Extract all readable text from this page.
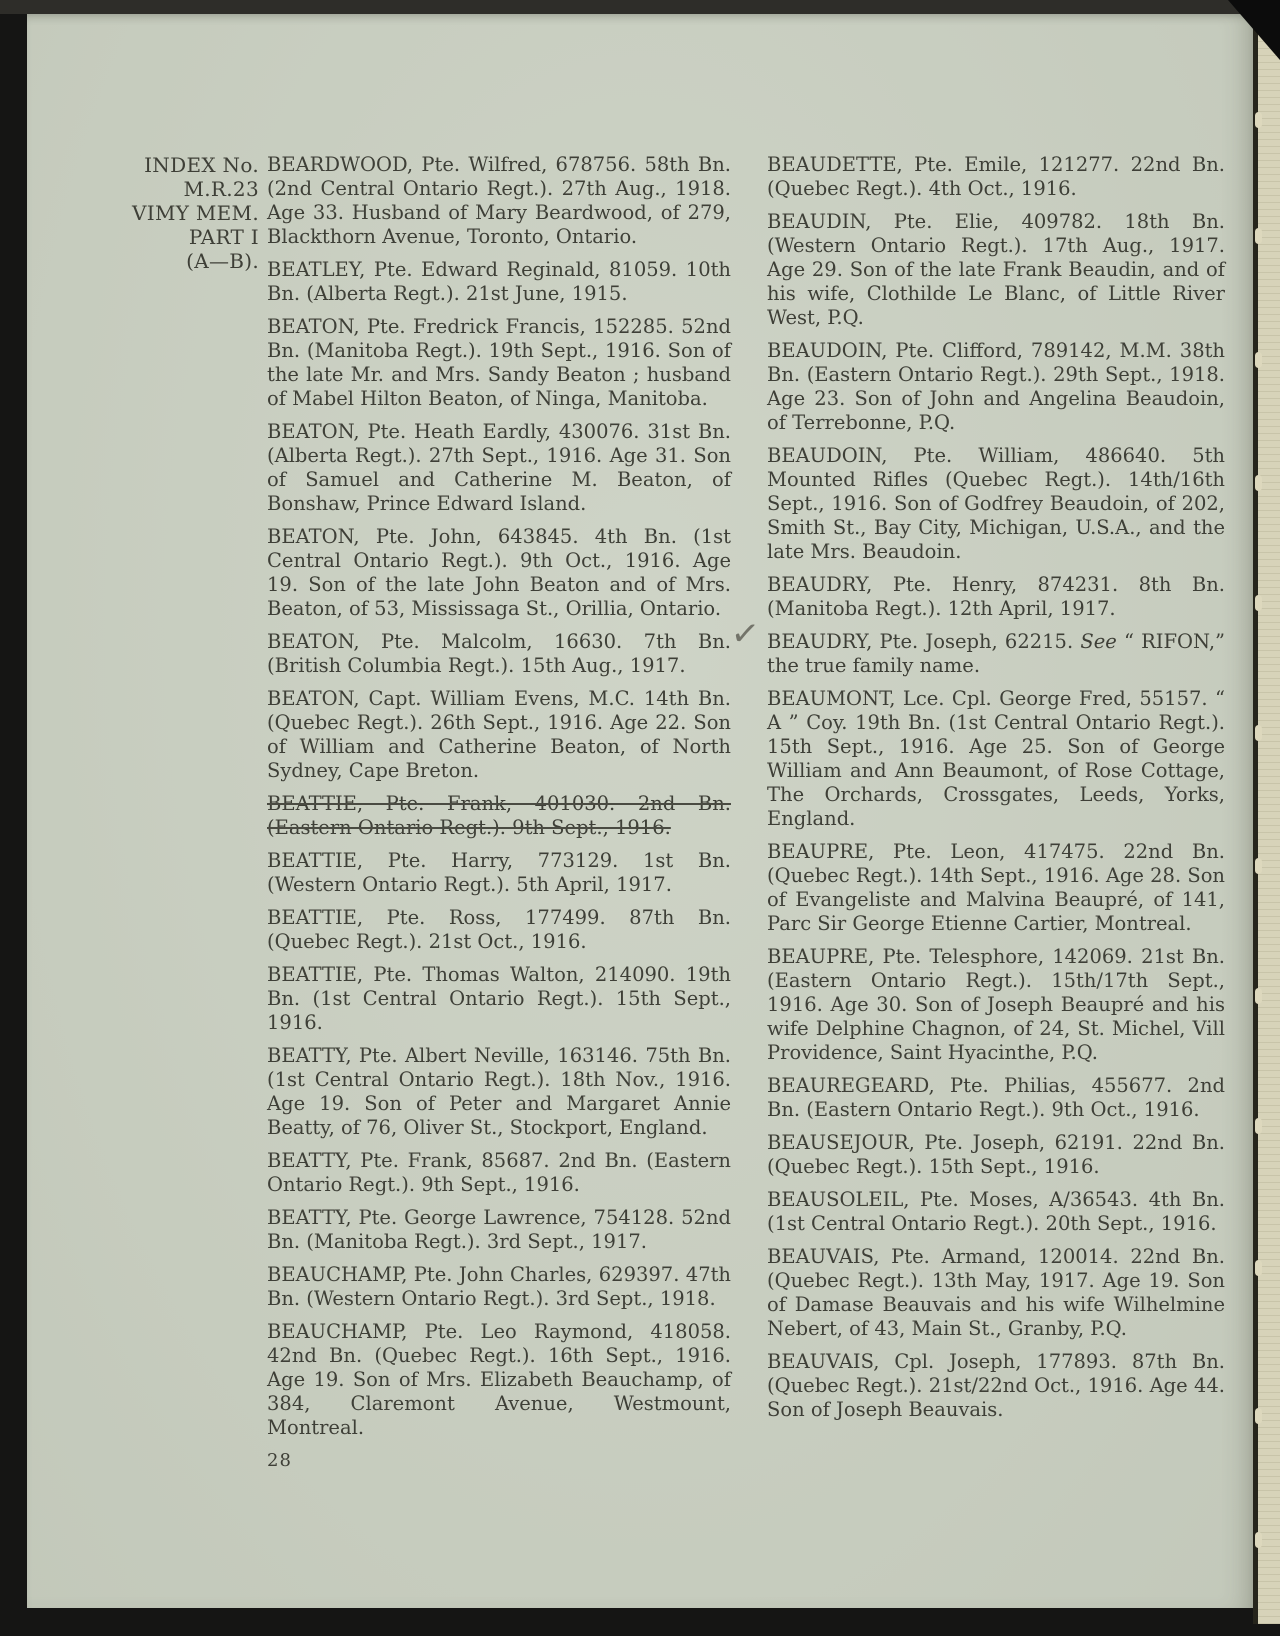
INDEX No. M.R.23
VIMY MEM.
PART I
(A—B).

BEARDWOOD, Pte. Wilfred, 678756. 58th Bn. (2nd Central Ontario Regt.). 27th Aug., 1918. Age 33. Husband of Mary Beardwood, of 279, Blackthorn Avenue, Toronto, Ontario.

BEATLEY, Pte. Edward Reginald, 81059. 10th Bn. (Alberta Regt.). 21st June, 1915.

BEATON, Pte. Fredrick Francis, 152285. 52nd Bn. (Manitoba Regt.). 19th Sept., 1916. Son of the late Mr. and Mrs. Sandy Beaton ; husband of Mabel Hilton Beaton, of Ninga, Manitoba.

BEATON, Pte. Heath Eardly, 430076. 31st Bn. (Alberta Regt.). 27th Sept., 1916. Age 31. Son of Samuel and Catherine M. Beaton, of Bonshaw, Prince Edward Island.

BEATON, Pte. John, 643845. 4th Bn. (1st Central Ontario Regt.). 9th Oct., 1916. Age 19. Son of the late John Beaton and of Mrs. Beaton, of 53, Mississaga St., Orillia, Ontario.

BEATON, Pte. Malcolm, 16630. 7th Bn. (British Columbia Regt.). 15th Aug., 1917.

BEATON, Capt. William Evens, M.C. 14th Bn. (Quebec Regt.). 26th Sept., 1916. Age 22. Son of William and Catherine Beaton, of North Sydney, Cape Breton.

BEATTIE, Pte. Frank, 401030. 2nd Bn. (Eastern Ontario Regt.). 9th Sept., 1916.

BEATTIE, Pte. Harry, 773129. 1st Bn. (Western Ontario Regt.). 5th April, 1917.

BEATTIE, Pte. Ross, 177499. 87th Bn. (Quebec Regt.). 21st Oct., 1916.

BEATTIE, Pte. Thomas Walton, 214090. 19th Bn. (1st Central Ontario Regt.). 15th Sept., 1916.

BEATTY, Pte. Albert Neville, 163146. 75th Bn. (1st Central Ontario Regt.). 18th Nov., 1916. Age 19. Son of Peter and Margaret Annie Beatty, of 76, Oliver St., Stockport, England.

BEATTY, Pte. Frank, 85687. 2nd Bn. (Eastern Ontario Regt.). 9th Sept., 1916.

BEATTY, Pte. George Lawrence, 754128. 52nd Bn. (Manitoba Regt.). 3rd Sept., 1917.

BEAUCHAMP, Pte. John Charles, 629397. 47th Bn. (Western Ontario Regt.). 3rd Sept., 1918.

BEAUCHAMP, Pte. Leo Raymond, 418058. 42nd Bn. (Quebec Regt.). 16th Sept., 1916. Age 19. Son of Mrs. Elizabeth Beauchamp, of 384, Claremont Avenue, Westmount, Montreal.

28

BEAUDETTE, Pte. Emile, 121277. 22nd Bn. (Quebec Regt.). 4th Oct., 1916.

BEAUDIN, Pte. Elie, 409782. 18th Bn. (Western Ontario Regt.). 17th Aug., 1917. Age 29. Son of the late Frank Beaudin, and of his wife, Clothilde Le Blanc, of Little River West, P.Q.

BEAUDOIN, Pte. Clifford, 789142, M.M. 38th Bn. (Eastern Ontario Regt.). 29th Sept., 1918. Age 23. Son of John and Angelina Beaudoin, of Terrebonne, P.Q.

BEAUDOIN, Pte. William, 486640. 5th Mounted Rifles (Quebec Regt.). 14th/16th Sept., 1916. Son of Godfrey Beaudoin, of 202, Smith St., Bay City, Michigan, U.S.A., and the late Mrs. Beaudoin.

BEAUDRY, Pte. Henry, 874231. 8th Bn. (Manitoba Regt.). 12th April, 1917.

✓ BEAUDRY, Pte. Joseph, 62215. See “ RIFON,” the true family name.

BEAUMONT, Lce. Cpl. George Fred, 55157. “ A ” Coy. 19th Bn. (1st Central Ontario Regt.). 15th Sept., 1916. Age 25. Son of George William and Ann Beaumont, of Rose Cottage, The Orchards, Crossgates, Leeds, Yorks, England.

BEAUPRE, Pte. Leon, 417475. 22nd Bn. (Quebec Regt.). 14th Sept., 1916. Age 28. Son of Evangeliste and Malvina Beaupré, of 141, Parc Sir George Etienne Cartier, Montreal.

BEAUPRE, Pte. Telesphore, 142069. 21st Bn. (Eastern Ontario Regt.). 15th/17th Sept., 1916. Age 30. Son of Joseph Beaupré and his wife Delphine Chagnon, of 24, St. Michel, Vill Providence, Saint Hyacinthe, P.Q.

BEAUREGEARD, Pte. Philias, 455677. 2nd Bn. (Eastern Ontario Regt.). 9th Oct., 1916.

BEAUSEJOUR, Pte. Joseph, 62191. 22nd Bn. (Quebec Regt.). 15th Sept., 1916.

BEAUSOLEIL, Pte. Moses, A/36543. 4th Bn. (1st Central Ontario Regt.). 20th Sept., 1916.

BEAUVAIS, Pte. Armand, 120014. 22nd Bn. (Quebec Regt.). 13th May, 1917. Age 19. Son of Damase Beauvais and his wife Wilhelmine Nebert, of 43, Main St., Granby, P.Q.

BEAUVAIS, Cpl. Joseph, 177893. 87th Bn. (Quebec Regt.). 21st/22nd Oct., 1916. Age 44. Son of Joseph Beauvais.
